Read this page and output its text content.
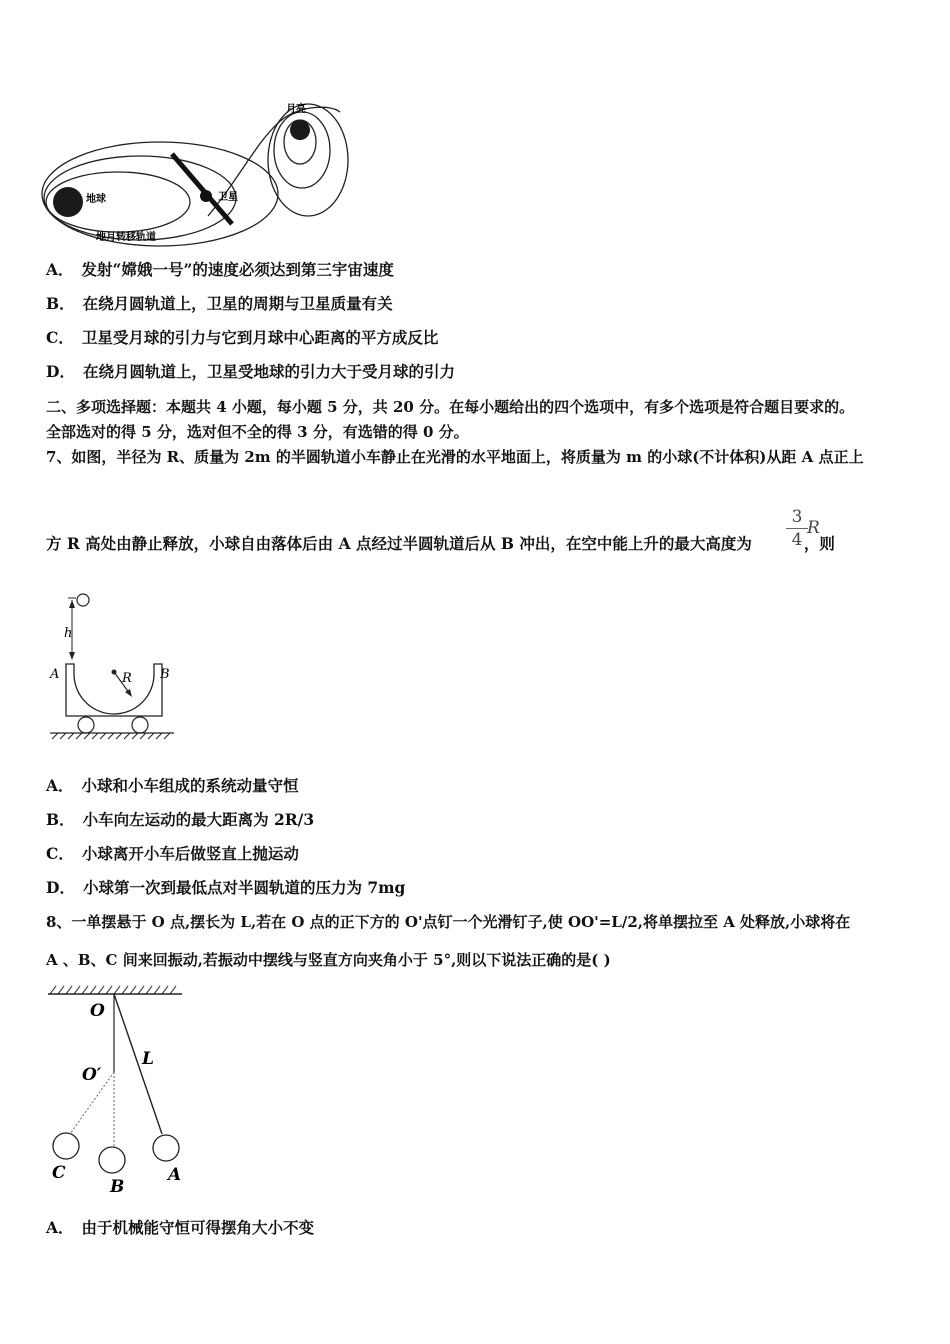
地球	卫星
月亮
地月转移轨道
A． 发射“嫦娥一号”的速度必须达到第三宇宙速度
B． 在绕月圆轨道上，卫星的周期与卫星质量有关
C． 卫星受月球的引力与它到月球中心距离的平方成反比
D． 在绕月圆轨道上，卫星受地球的引力大于受月球的引力
二、多项选择题：本题共 4 小题，每小题 5 分，共 20 分。在每小题给出的四个选项中，有多个选项是符合题目要求的。
全部选对的得 5 分，选对但不全的得 3 分，有选错的得 0 分。
7、如图，半径为 R、质量为 2m 的半圆轨道小车静止在光滑的水平地面上，将质量为 m 的小球(不计体积)从距 A 点正上
方 R 高处由静止释放，小球自由落体后由 A 点经过半圆轨道后从 B 冲出，在空中能上升的最大高度为	，则
3
4
R
h
R
A	B
A． 小球和小车组成的系统动量守恒
B． 小车向左运动的最大距离为 2R/3
C． 小球离开小车后做竖直上抛运动
D． 小球第一次到最低点对半圆轨道的压力为 7mg
8、一单摆悬于 O 点,摆长为 L,若在 O 点的正下方的 O'点钉一个光滑钉子,使 OO'=L/2,将单摆拉至 A 处释放,小球将在
A 、B、C 间来回振动,若振动中摆线与竖直方向夹角小于 5°,则以下说法正确的是( )
O
O′
L
C
B
A
A． 由于机械能守恒可得摆角大小不变
